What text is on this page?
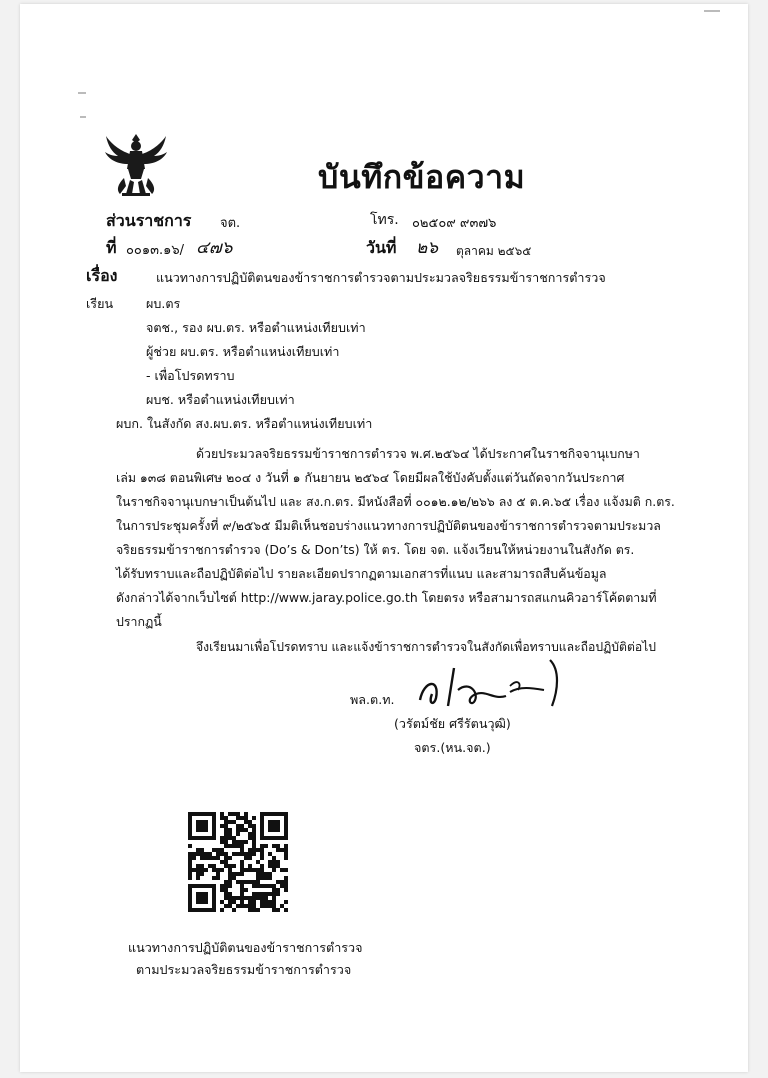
บันทึกข้อความ
ส่วนราชการ จต.	โทร. ๐๒๕๐๙ ๙๓๗๖
ที่ ๐๐๑๓.๑๖/ ๔๗๖	วันที่ ๒๖ ตุลาคม ๒๕๖๕
เรื่อง	แนวทางการปฏิบัติตนของข้าราชการตำรวจตามประมวลจริยธรรมข้าราชการตำรวจ
เรียน	ผบ.ตร
จตช., รอง ผบ.ตร. หรือตำแหน่งเทียบเท่า
ผู้ช่วย ผบ.ตร. หรือตำแหน่งเทียบเท่า
- เพื่อโปรดทราบ
ผบช. หรือตำแหน่งเทียบเท่า
ผบก. ในสังกัด สง.ผบ.ตร. หรือตำแหน่งเทียบเท่า
ด้วยประมวลจริยธรรมข้าราชการตำรวจ พ.ศ.๒๕๖๔ ได้ประกาศในราชกิจจานุเบกษา
เล่ม ๑๓๘ ตอนพิเศษ ๒๐๔ ง วันที่ ๑ กันยายน ๒๕๖๔ โดยมีผลใช้บังคับตั้งแต่วันถัดจากวันประกาศ
ในราชกิจจานุเบกษาเป็นต้นไป และ สง.ก.ตร. มีหนังสือที่ ๐๐๑๒.๑๒/๒๖๖ ลง ๕ ต.ค.๖๕ เรื่อง แจ้งมติ ก.ตร.
ในการประชุมครั้งที่ ๙/๒๕๖๕ มีมติเห็นชอบร่างแนวทางการปฏิบัติตนของข้าราชการตำรวจตามประมวล
จริยธรรมข้าราชการตำรวจ (Do’s & Don’ts) ให้ ตร. โดย จต. แจ้งเวียนให้หน่วยงานในสังกัด ตร.
ได้รับทราบและถือปฏิบัติต่อไป รายละเอียดปรากฏตามเอกสารที่แนบ และสามารถสืบค้นข้อมูล
ดังกล่าวได้จากเว็บไซต์ http://www.jaray.police.go.th โดยตรง หรือสามารถสแกนคิวอาร์โค้ดตามที่
ปรากฏนี้
จึงเรียนมาเพื่อโปรดทราบ และแจ้งข้าราชการตำรวจในสังกัดเพื่อทราบและถือปฏิบัติต่อไป
พล.ต.ท.
(วรัตม์ชัย ศรีรัตนวุฒิ)
จตร.(หน.จต.)
แนวทางการปฏิบัติตนของข้าราชการตำรวจ
ตามประมวลจริยธรรมข้าราชการตำรวจ
